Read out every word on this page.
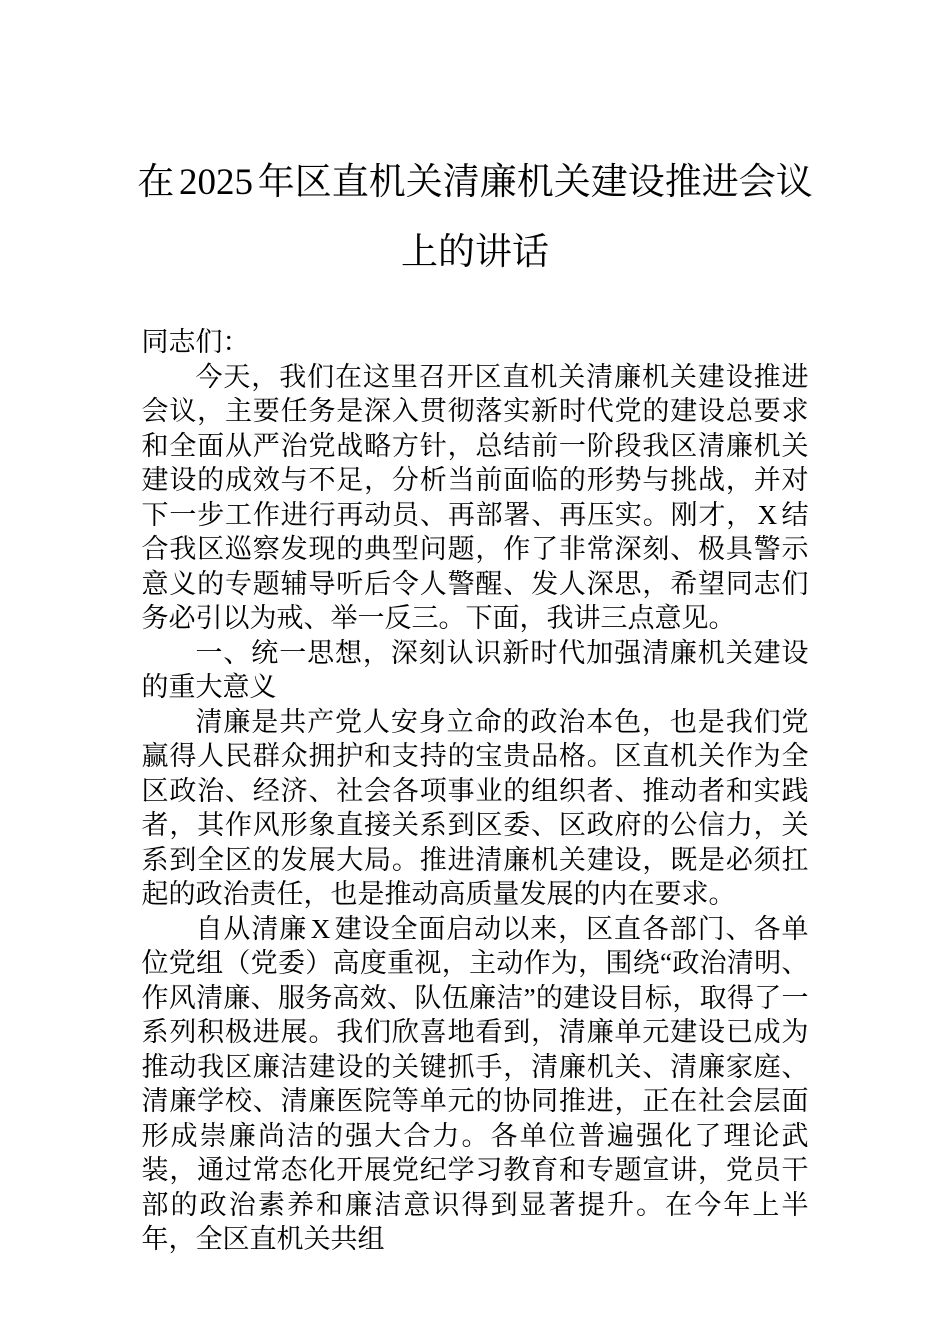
在 2025 年区直机关清廉机关建设推进会议上的讲话

同志们：

今天，我们在这里召开区直机关清廉机关建设推进会议，主要任务是深入贯彻落实新时代党的建设总要求和全面从严治党战略方针，总结前一阶段我区清廉机关建设的成效与不足，分析当前面临的形势与挑战，并对下一步工作进行再动员、再部署、再压实。刚才， X 结合我区巡察发现的典型问题，作了非常深刻、极具警示意义的专题辅导听后令人警醒、发人深思，希望同志们务必引以为戒、举一反三。下面，我讲三点意见。

一、统一思想，深刻认识新时代加强清廉机关建设的重大意义

清廉是共产党人安身立命的政治本色，也是我们党赢得人民群众拥护和支持的宝贵品格。区直机关作为全区政治、经济、社会各项事业的组织者、推动者和实践者，其作风形象直接关系到区委、区政府的公信力，关系到全区的发展大局。推进清廉机关建设，既是必须扛起的政治责任，也是推动高质量发展的内在要求。

自从清廉 X 建设全面启动以来，区直各部门、各单位党组（党委）高度重视，主动作为，围绕“政治清明、作风清廉、服务高效、队伍廉洁”的建设目标，取得了一系列积极进展。我们欣喜地看到，清廉单元建设已成为推动我区廉洁建设的关键抓手，清廉机关、清廉家庭、清廉学校、清廉医院等单元的协同推进，正在社会层面形成崇廉尚洁的强大合力。各单位普遍强化了理论武装，通过常态化开展党纪学习教育和专题宣讲，党员干部的政治素养和廉洁意识得到显著提升。在今年上半年，全区直机关共组
